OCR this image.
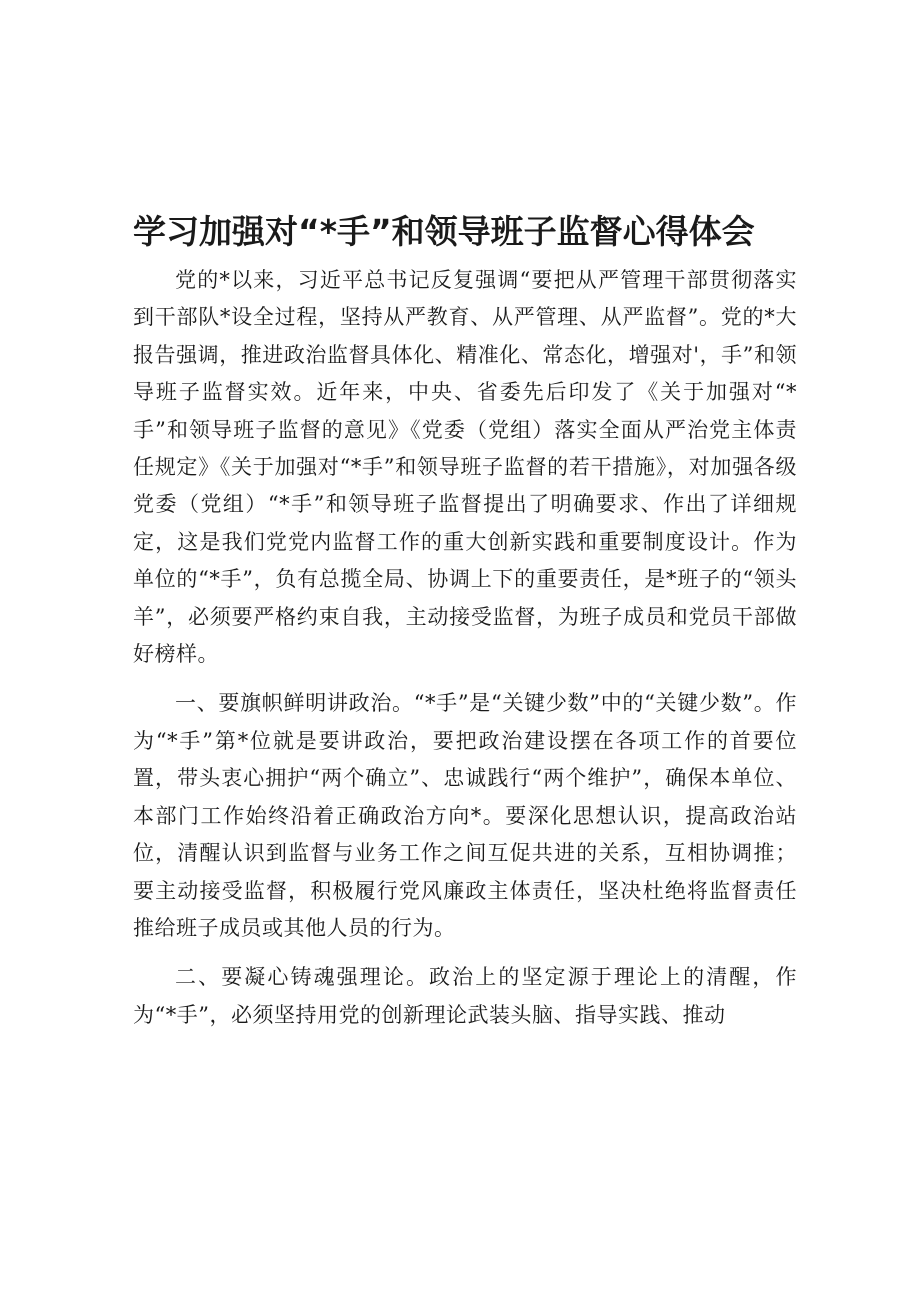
学习加强对“*手”和领导班子监督心得体会

党的*以来，习近平总书记反复强调“要把从严管理干部贯彻落实到干部队*设全过程，坚持从严教育、从严管理、从严监督”。党的*大报告强调，推进政治监督具体化、精准化、常态化，增强对'，手”和领导班子监督实效。近年来，中央、省委先后印发了《关于加强对“*手”和领导班子监督的意见》《党委（党组）落实全面从严治党主体责任规定》《关于加强对“*手”和领导班子监督的若干措施》，对加强各级党委（党组）“*手”和领导班子监督提出了明确要求、作出了详细规定，这是我们党党内监督工作的重大创新实践和重要制度设计。作为单位的“*手”，负有总揽全局、协调上下的重要责任，是*班子的“领头羊”，必须要严格约束自我，主动接受监督，为班子成员和党员干部做好榜样。

一、要旗帜鲜明讲政治。“*手”是“关键少数”中的“关键少数”。作为“*手”第*位就是要讲政治，要把政治建设摆在各项工作的首要位置，带头衷心拥护“两个确立”、忠诚践行“两个维护”，确保本单位、本部门工作始终沿着正确政治方向*。要深化思想认识，提高政治站位，清醒认识到监督与业务工作之间互促共进的关系，互相协调推；要主动接受监督，积极履行党风廉政主体责任，坚决杜绝将监督责任推给班子成员或其他人员的行为。

二、要凝心铸魂强理论。政治上的坚定源于理论上的清醒，作为“*手”，必须坚持用党的创新理论武装头脑、指导实践、推动
